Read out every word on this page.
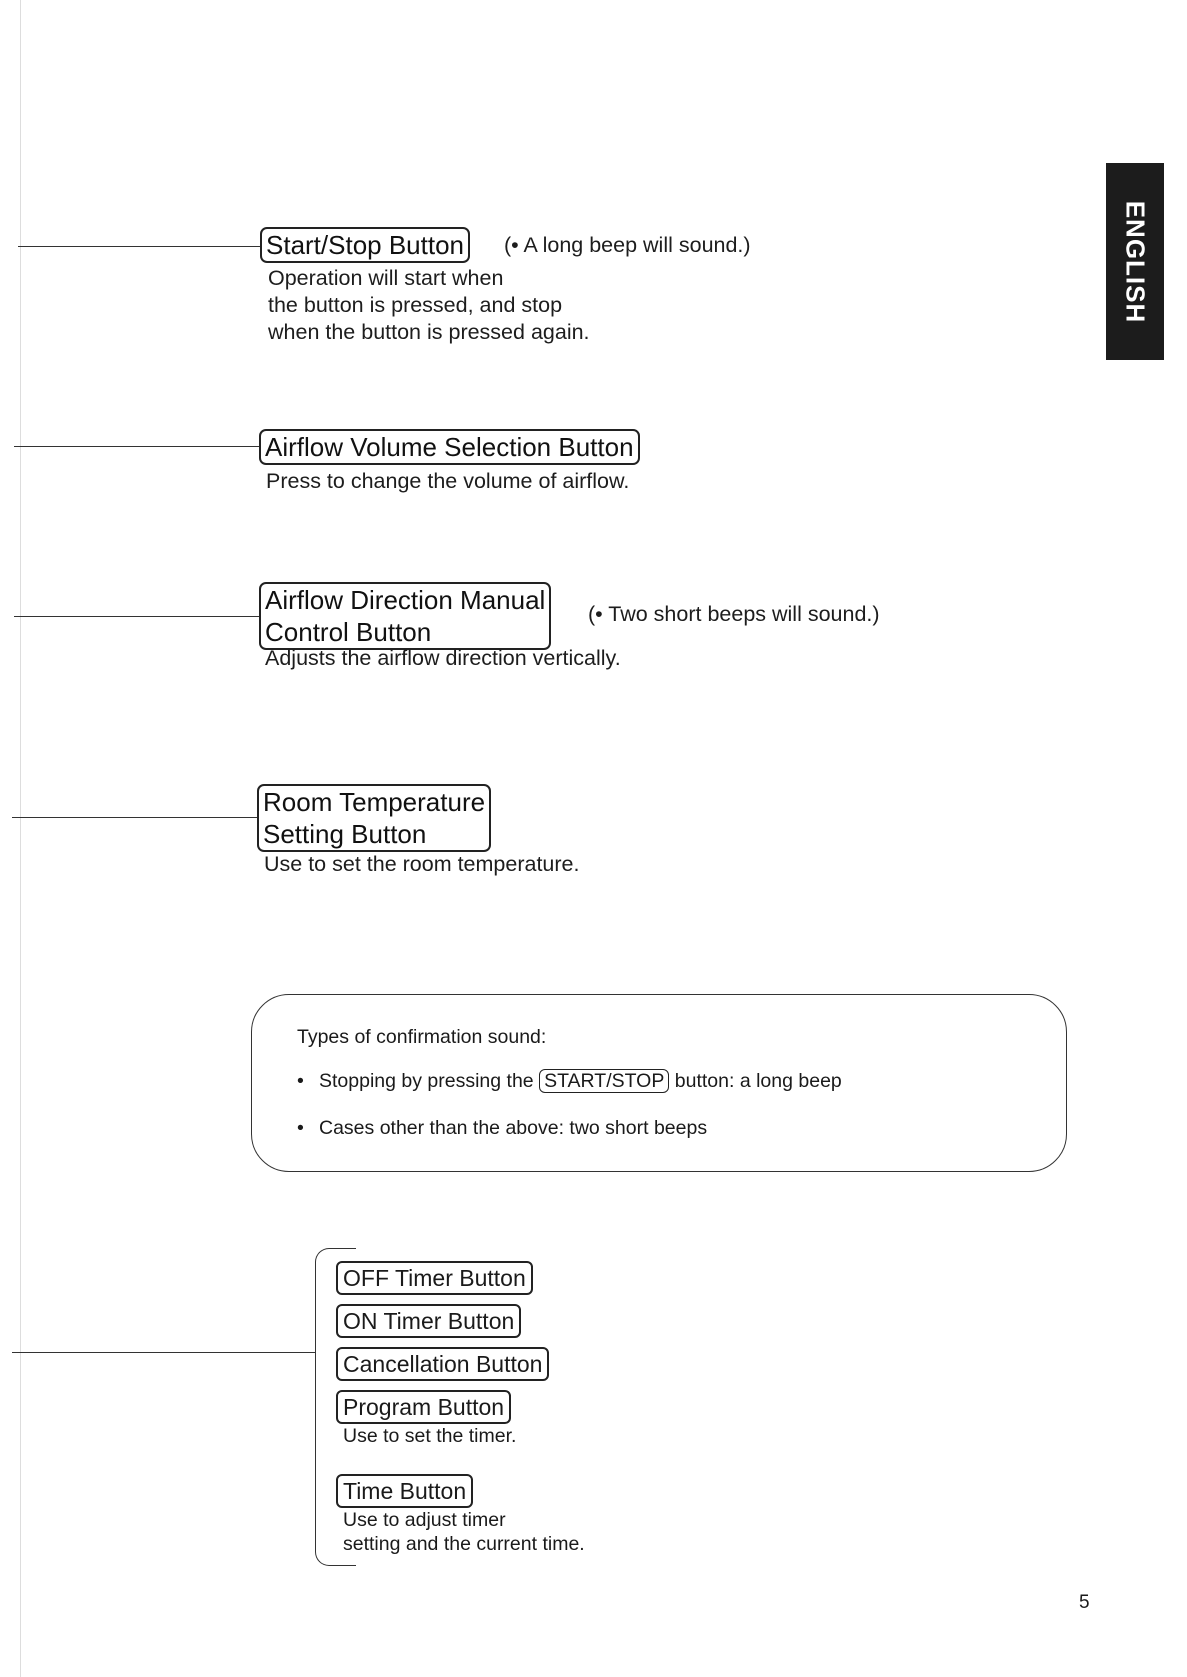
ENGLISH
Start/Stop Button (• A long beep will sound.)
Operation will start when
the button is pressed, and stop
when the button is pressed again.
Airflow Volume Selection Button
Press to change the volume of airflow.
Airflow Direction Manual
Control Button
(• Two short beeps will sound.)
Adjusts the airflow direction vertically.
Room Temperature
Setting Button
Use to set the room temperature.
Types of confirmation sound:
• Stopping by pressing the START/STOP button: a long beep
• Cases other than the above: two short beeps
OFF Timer Button
ON Timer Button
Cancellation Button
Program Button
Use to set the timer.
Time Button
Use to adjust timer
setting and the current time.
5
